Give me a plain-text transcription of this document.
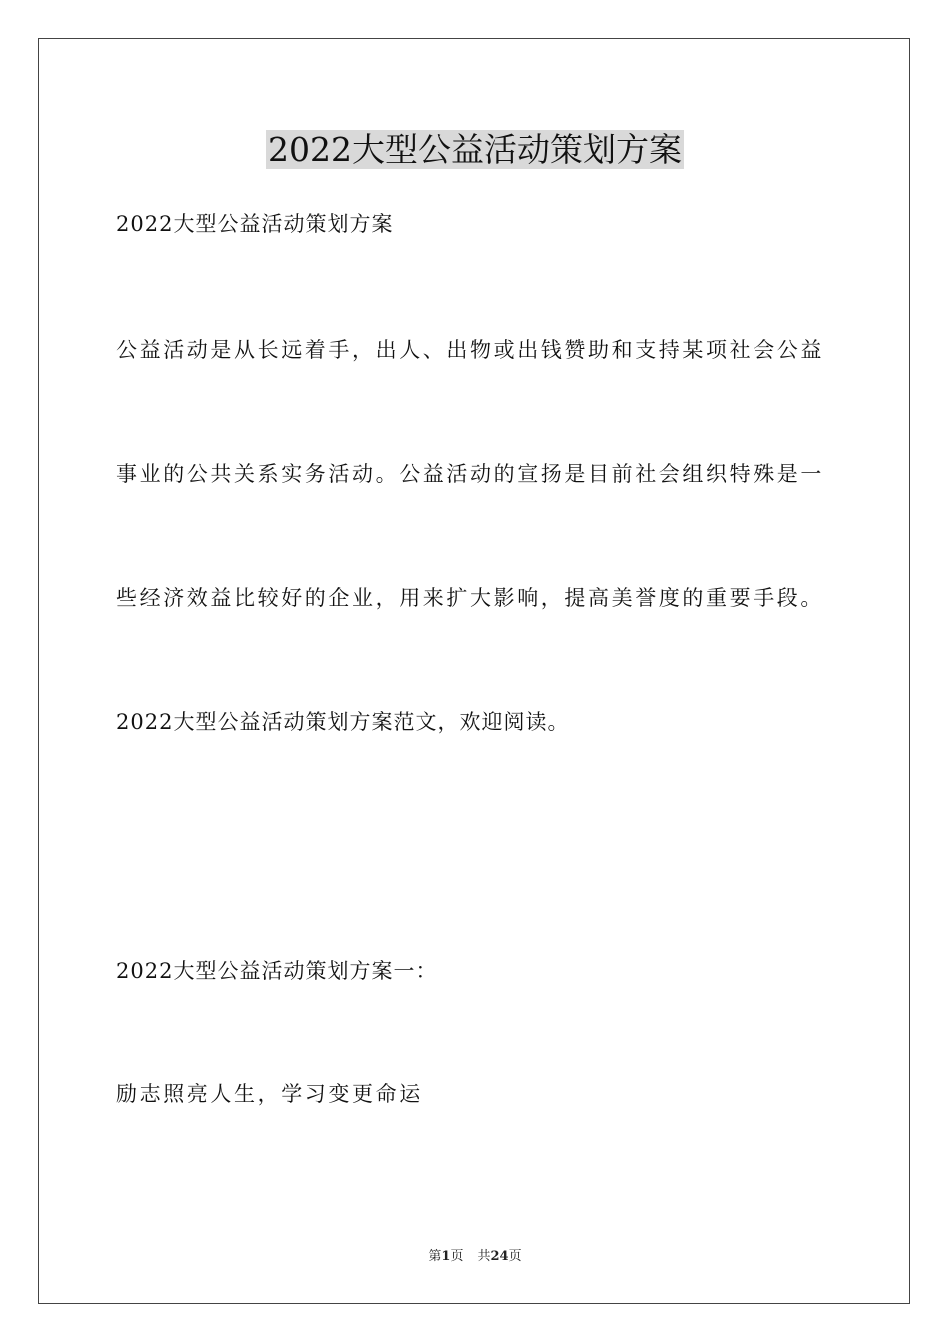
2022大型公益活动策划方案

2022大型公益活动策划方案

公益活动是从长远着手，出人、出物或出钱赞助和支持某项社会公益

事业的公共关系实务活动。公益活动的宣扬是目前社会组织特殊是一

些经济效益比较好的企业，用来扩大影响，提高美誉度的重要手段。

2022大型公益活动策划方案范文，欢迎阅读。

2022大型公益活动策划方案一：

励志照亮人生，学习变更命运

第1页 共24页
